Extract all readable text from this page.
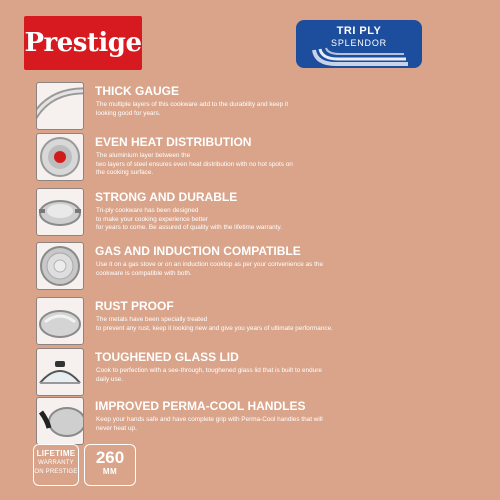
Prestige	TRI PLY
SPLENDOR
THICK GAUGE
The multiple layers of this cookware add to the durability and keep it
looking good for years.
EVEN HEAT DISTRIBUTION
The aluminium layer between the
two layers of steel ensures even heat distribution with no hot spots on
the cooking surface.
STRONG AND DURABLE
Tri-ply cookware has been designed
to make your cooking experience better
for years to come. Be assured of quality with the lifetime warranty.
GAS AND INDUCTION COMPATIBLE
Use it on a gas stove or on an induction cooktop as per your convenience as the
cookware is compatible with both.
RUST PROOF
The metals have been specially treated
to prevent any rust, keep it looking new and give you years of ultimate performance.
TOUGHENED GLASS LID
Cook to perfection with a see-through, toughened glass lid that is built to endure
daily use.
IMPROVED PERMA-COOL HANDLES
Keep your hands safe and have complete grip with Perma-Cool handles that will
never heat up.
LIFETIME
WARRANTY
ON PRESTIGE
260
MM
